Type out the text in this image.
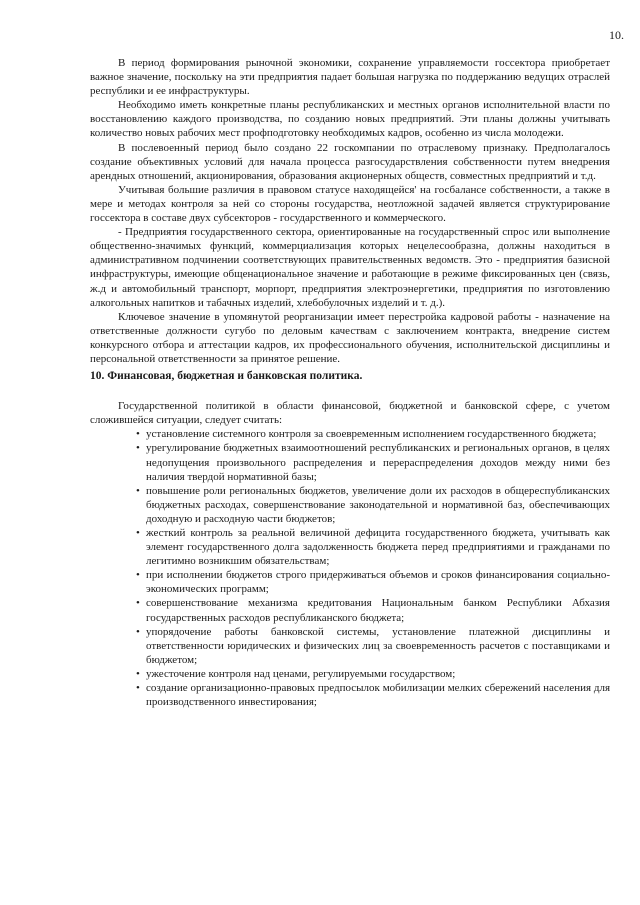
10.

В период формирования рыночной экономики, сохранение управляемости госсектора приобретает важное значение, поскольку на эти предприятия падает большая нагрузка по поддержанию ведущих отраслей республики и ее инфраструктуры.

Необходимо иметь конкретные планы республиканских и местных органов исполнительной власти по восстановлению каждого производства, по созданию новых предприятий. Эти планы должны учитывать количество новых рабочих мест профподготовку необходимых кадров, особенно из числа молодежи.

В послевоенный период было создано 22 госкомпании по отраслевому признаку. Предполагалось создание объективных условий для начала процесса разгосударствления собственности путем внедрения арендных отношений, акционирования, образования акционерных обществ, совместных предприятий и т.д.

Учитывая большие различия в правовом статусе находящейся' на госбалансе собственности, а также в мере и методах контроля за ней со стороны государства, неотложной задачей является структурирование госсектора в составе двух субсекторов - государственного и коммерческого.

- Предприятия государственного сектора, ориентированные на государственный спрос или выполнение общественно-значимых функций, коммерциализация которых нецелесообразна, должны находиться в административном подчинении соответствующих правительственных ведомств. Это - предприятия базисной инфраструктуры, имеющие общенациональное значение и работающие в режиме фиксированных цен (связь, ж.д и автомобильный транспорт, морпорт, предприятия электроэнергетики, предприятия по изготовлению алкогольных напитков и табачных изделий, хлебобулочных изделий и т. д.).

Ключевое значение в упомянутой реорганизации имеет перестройка кадровой работы - назначение на ответственные должности сугубо по деловым качествам с заключением контракта, внедрение систем конкурсного отбора и аттестации кадров, их профессионального обучения, исполнительской дисциплины и персональной ответственности за принятое решение.

10. Финансовая, бюджетная и банковская политика.

Государственной политикой в области финансовой, бюджетной и банковской сфере, с учетом сложившейся ситуации, следует считать:

• установление системного контроля за своевременным исполнением государственного бюджета;
• урегулирование бюджетных взаимоотношений республиканских и региональных органов, в целях недопущения произвольного распределения и перераспределения доходов между ними без наличия твердой нормативной базы;
• повышение роли региональных бюджетов, увеличение доли их расходов в общереспубликанских бюджетных расходах, совершенствование законодательной и нормативной баз, обеспечивающих доходную и расходную части бюджетов;
• жесткий контроль за реальной величиной дефицита государственного бюджета, учитывать как элемент государственного долга задолженность бюджета перед предприятиями и гражданами по легитимно возникшим обязательствам;
• при исполнении бюджетов строго придерживаться объемов и сроков финансирования социально-экономических программ;
• совершенствование механизма кредитования Национальным банком Республики Абхазия государственных расходов республиканского бюджета;
• упорядочение работы банковской системы, установление платежной дисциплины и ответственности юридических и физических лиц за своевременность расчетов с поставщиками и бюджетом;
• ужесточение контроля над ценами, регулируемыми государством;
• создание организационно-правовых предпосылок мобилизации мелких сбережений населения для производственного инвестирования;
